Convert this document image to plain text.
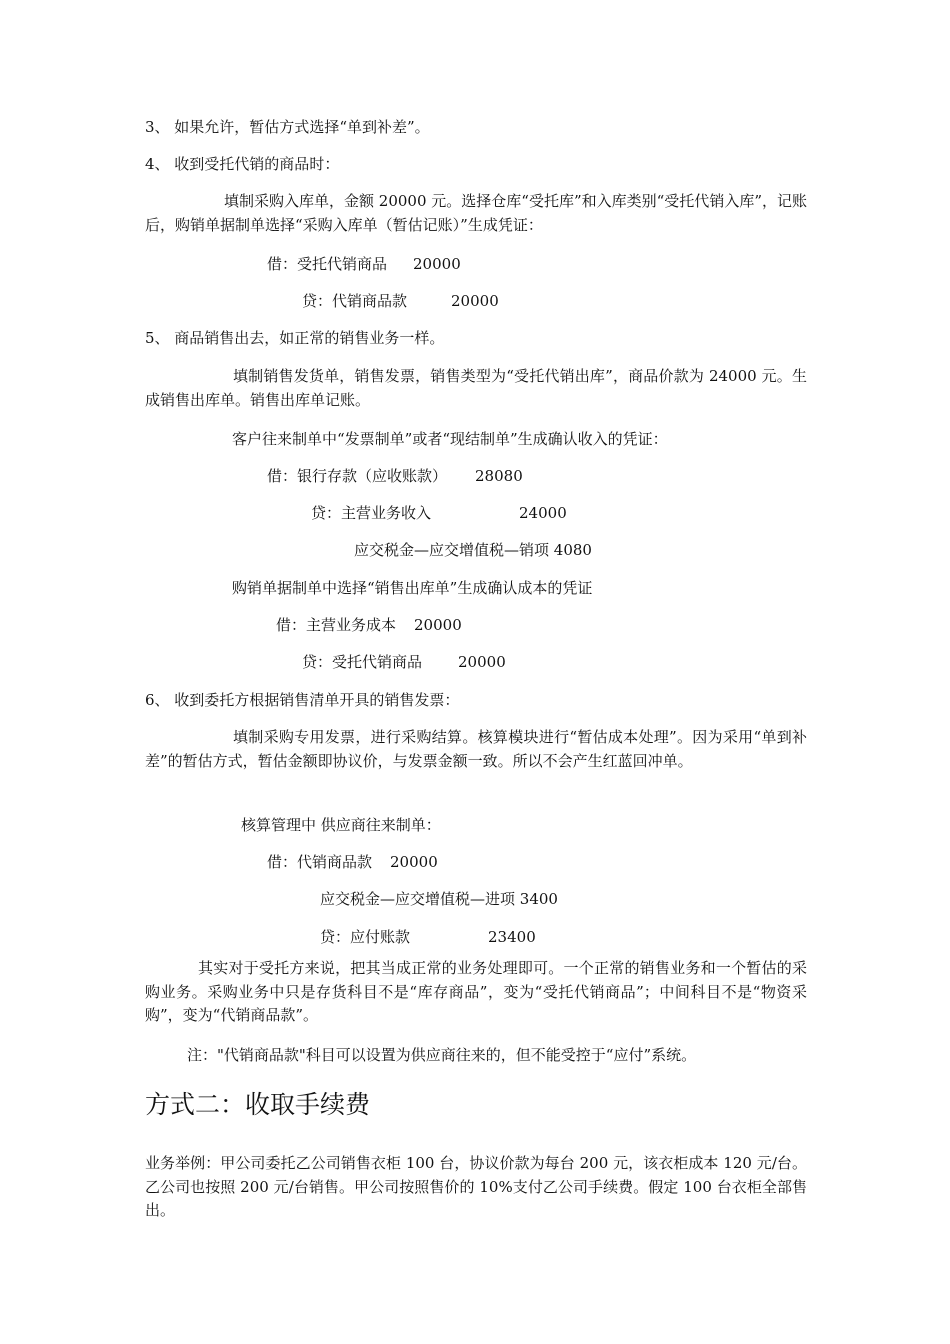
3、 如果允许，暂估方式选择“单到补差”。
4、 收到受托代销的商品时：
填制采购入库单，金额 20000 元。选择仓库“受托库”和入库类别“受托代销入库”，记账后，购销单据制单选择“采购入库单（暂估记账）”生成凭证：
借：受托代销商品 20000
贷：代销商品款	20000
5、 商品销售出去，如正常的销售业务一样。
填制销售发货单，销售发票，销售类型为“受托代销出库”，商品价款为 24000 元。生成销售出库单。销售出库单记账。
客户往来制单中“发票制单”或者“现结制单”生成确认收入的凭证：
借：银行存款（应收账款） 28080
贷：主营业务收入	24000
应交税金—应交增值税—销项 4080
购销单据制单中选择“销售出库单”生成确认成本的凭证
借：主营业务成本 20000
贷：受托代销商品 20000
6、 收到委托方根据销售清单开具的销售发票：
填制采购专用发票，进行采购结算。核算模块进行“暂估成本处理”。因为采用“单到补差”的暂估方式，暂估金额即协议价，与发票金额一致。所以不会产生红蓝回冲单。
核算管理中 供应商往来制单：
借：代销商品款 20000
应交税金—应交增值税—进项 3400
贷：应付账款	23400
其实对于受托方来说，把其当成正常的业务处理即可。一个正常的销售业务和一个暂估的采购业务。采购业务中只是存货科目不是“库存商品”，变为“受托代销商品”；中间科目不是“物资采购”，变为“代销商品款”。
注："代销商品款"科目可以设置为供应商往来的，但不能受控于“应付”系统。
方式二：收取手续费
业务举例：甲公司委托乙公司销售衣柜 100 台，协议价款为每台 200 元，该衣柜成本 120 元/台。乙公司也按照 200 元/台销售。甲公司按照售价的 10%支付乙公司手续费。假定 100 台衣柜全部售出。
